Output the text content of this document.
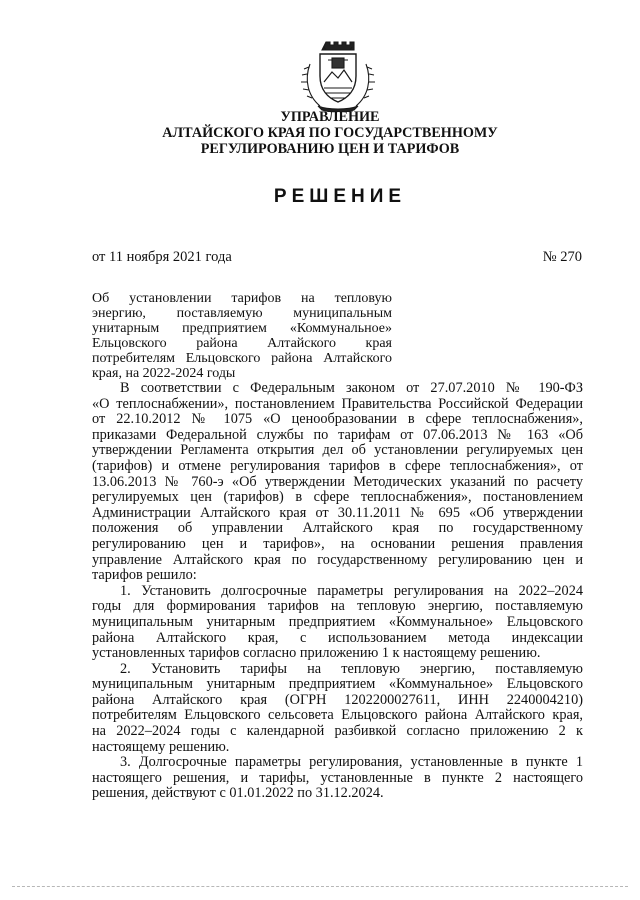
УПРАВЛЕНИЕ
АЛТАЙСКОГО КРАЯ ПО ГОСУДАРСТВЕННОМУ
РЕГУЛИРОВАНИЮ ЦЕН И ТАРИФОВ
РЕШЕНИЕ
от 11 ноября 2021 года	№ 270
Об установлении тарифов на тепловую
энергию, поставляемую муниципальным
унитарным предприятием «Коммунальное»
Ельцовского района Алтайского края
потребителям Ельцовского района Алтайского
края, на 2022-2024 годы
В соответствии с Федеральным законом от 27.07.2010 № 190-ФЗ
«О теплоснабжении», постановлением Правительства Российской Федерации
от 22.10.2012 № 1075 «О ценообразовании в сфере теплоснабжения»,
приказами Федеральной службы по тарифам от 07.06.2013 № 163 «Об
утверждении Регламента открытия дел об установлении регулируемых цен
(тарифов) и отмене регулирования тарифов в сфере теплоснабжения», от
13.06.2013 № 760-э «Об утверждении Методических указаний по расчету
регулируемых цен (тарифов) в сфере теплоснабжения», постановлением
Администрации Алтайского края от 30.11.2011 № 695 «Об утверждении
положения об управлении Алтайского края по государственному
регулированию цен и тарифов», на основании решения правления
управление Алтайского края по государственному регулированию цен и
тарифов решило:
1. Установить долгосрочные параметры регулирования на 2022–2024
годы для формирования тарифов на тепловую энергию, поставляемую
муниципальным унитарным предприятием «Коммунальное» Ельцовского
района Алтайского края, с использованием метода индексации
установленных тарифов согласно приложению 1 к настоящему решению.
2. Установить тарифы на тепловую энергию, поставляемую
муниципальным унитарным предприятием «Коммунальное» Ельцовского
района Алтайского края (ОГРН 1202200027611, ИНН 2240004210)
потребителям Ельцовского сельсовета Ельцовского района Алтайского края,
на 2022–2024 годы с календарной разбивкой согласно приложению 2 к
настоящему решению.
3. Долгосрочные параметры регулирования, установленные в пункте 1
настоящего решения, и тарифы, установленные в пункте 2 настоящего
решения, действуют с 01.01.2022 по 31.12.2024.
